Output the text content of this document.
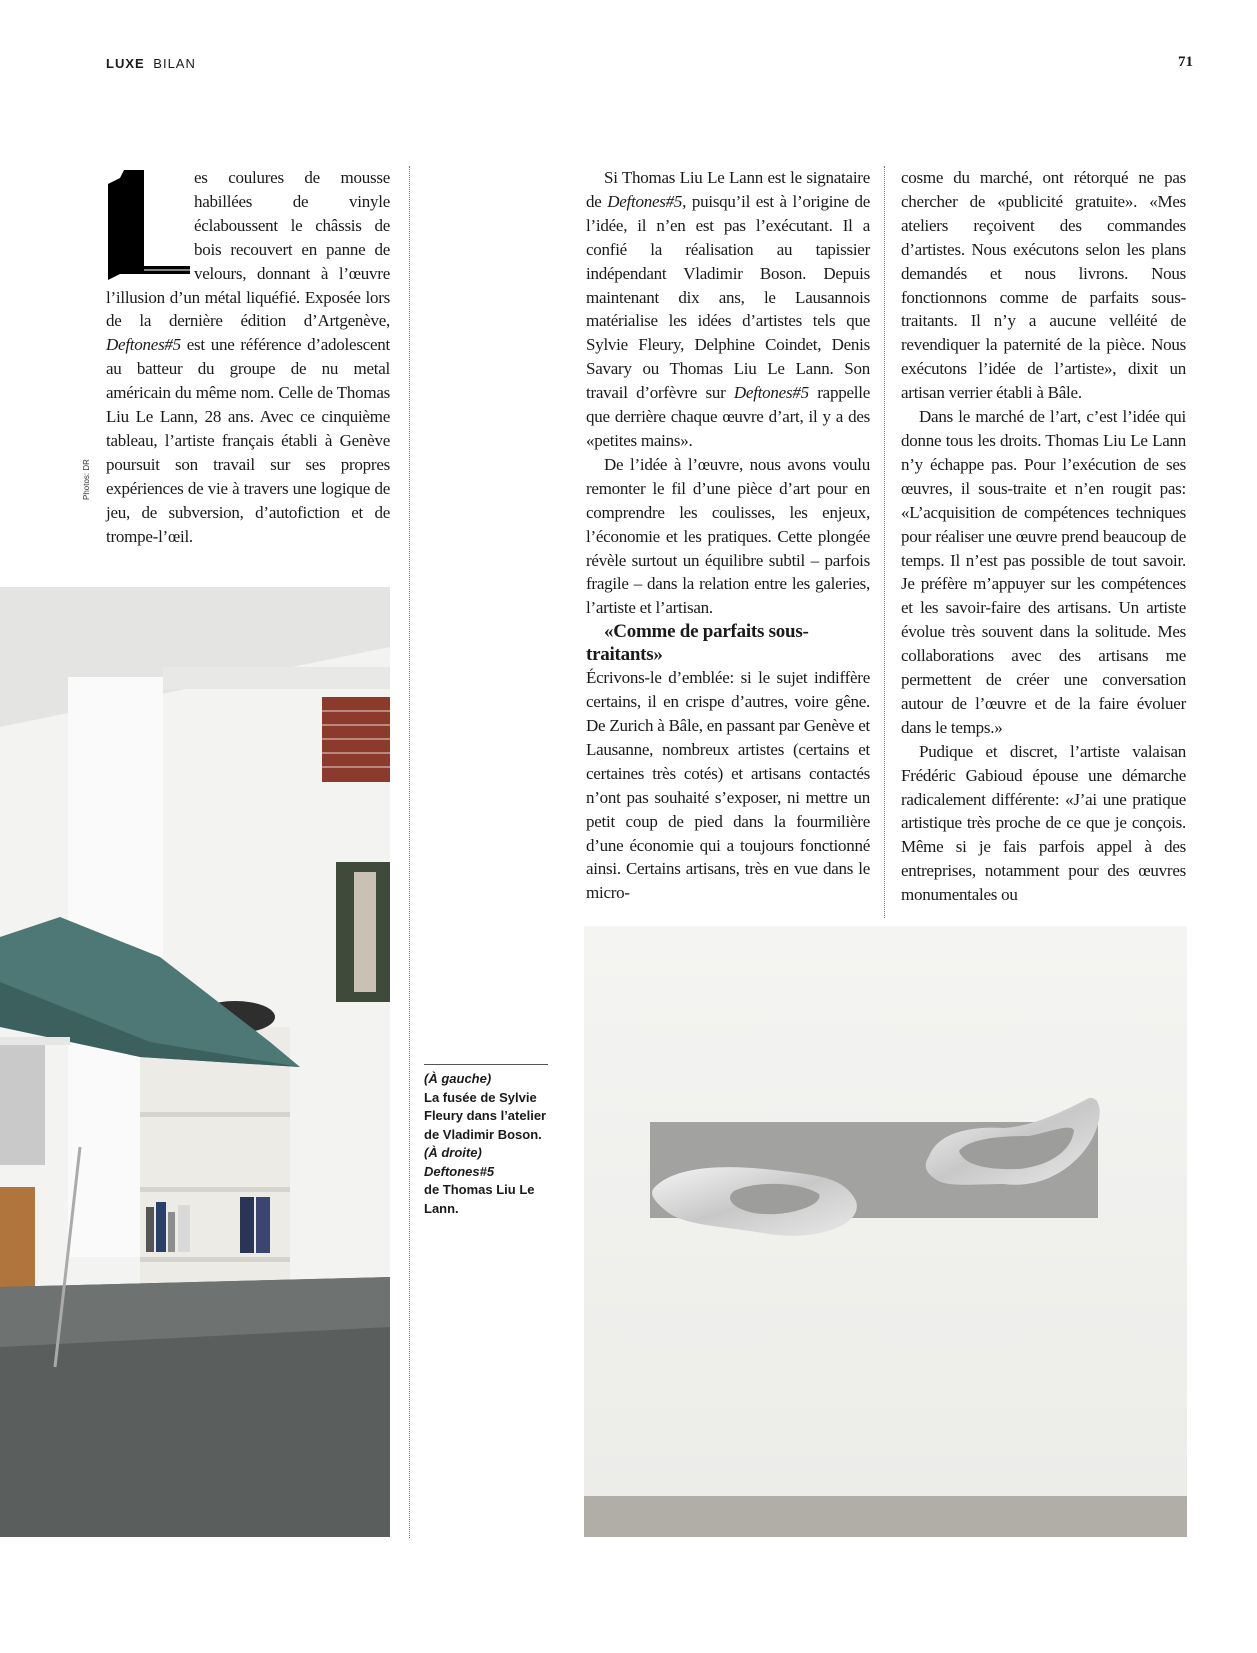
LUXE BILAN	71

es coulures de mousse habillées de vinyle éclaboussent le châssis de bois recouvert en panne de velours, donnant à l’œuvre l’illusion d’un métal liquéfié. Exposée lors de la dernière édition d’Artgenève, Deftones#5 est une référence d’adolescent au batteur du groupe de nu metal américain du même nom. Celle de Thomas Liu Le Lann, 28 ans. Avec ce cinquième tableau, l’artiste français établi à Genève poursuit son travail sur ses propres expériences de vie à travers une logique de jeu, de subversion, d’autofiction et de trompe-l’œil.

Photos: DR

Si Thomas Liu Le Lann est le signataire de Deftones#5, puisqu’il est à l’origine de l’idée, il n’en est pas l’exécutant. Il a confié la réalisation au tapissier indépendant Vladimir Boson. Depuis maintenant dix ans, le Lausannois matérialise les idées d’artistes tels que Sylvie Fleury, Delphine Coindet, Denis Savary ou Thomas Liu Le Lann. Son travail d’orfèvre sur Deftones#5 rappelle que derrière chaque œuvre d’art, il y a des «petites mains».

De l’idée à l’œuvre, nous avons voulu remonter le fil d’une pièce d’art pour en comprendre les coulisses, les enjeux, l’économie et les pratiques. Cette plongée révèle surtout un équilibre subtil – parfois fragile – dans la relation entre les galeries, l’artiste et l’artisan.

«Comme de parfaits sous-traitants»

Écrivons-le d’emblée: si le sujet indiffère certains, il en crispe d’autres, voire gêne. De Zurich à Bâle, en passant par Genève et Lausanne, nombreux artistes (certains et certaines très cotés) et artisans contactés n’ont pas souhaité s’exposer, ni mettre un petit coup de pied dans la fourmilière d’une économie qui a toujours fonctionné ainsi. Certains artisans, très en vue dans le micro-

cosme du marché, ont rétorqué ne pas chercher de «publicité gratuite». «Mes ateliers reçoivent des commandes d’artistes. Nous exécutons selon les plans demandés et nous livrons. Nous fonctionnons comme de parfaits sous-traitants. Il n’y a aucune velléité de revendiquer la paternité de la pièce. Nous exécutons l’idée de l’artiste», dixit un artisan verrier établi à Bâle.

Dans le marché de l’art, c’est l’idée qui donne tous les droits. Thomas Liu Le Lann n’y échappe pas. Pour l’exécution de ses œuvres, il sous-traite et n’en rougit pas: «L’acquisition de compétences techniques pour réaliser une œuvre prend beaucoup de temps. Il n’est pas possible de tout savoir. Je préfère m’appuyer sur les compétences et les savoir-faire des artisans. Un artiste évolue très souvent dans la solitude. Mes collaborations avec des artisans me permettent de créer une conversation autour de l’œuvre et de la faire évoluer dans le temps.»

Pudique et discret, l’artiste valaisan Frédéric Gabioud épouse une démarche radicalement différente: «J’ai une pratique artistique très proche de ce que je conçois. Même si je fais parfois appel à des entreprises, notamment pour des œuvres monumentales ou

(À gauche)
La fusée de Sylvie Fleury dans l’atelier de Vladimir Boson.
(À droite)
Deftones#5
de Thomas Liu Le Lann.
